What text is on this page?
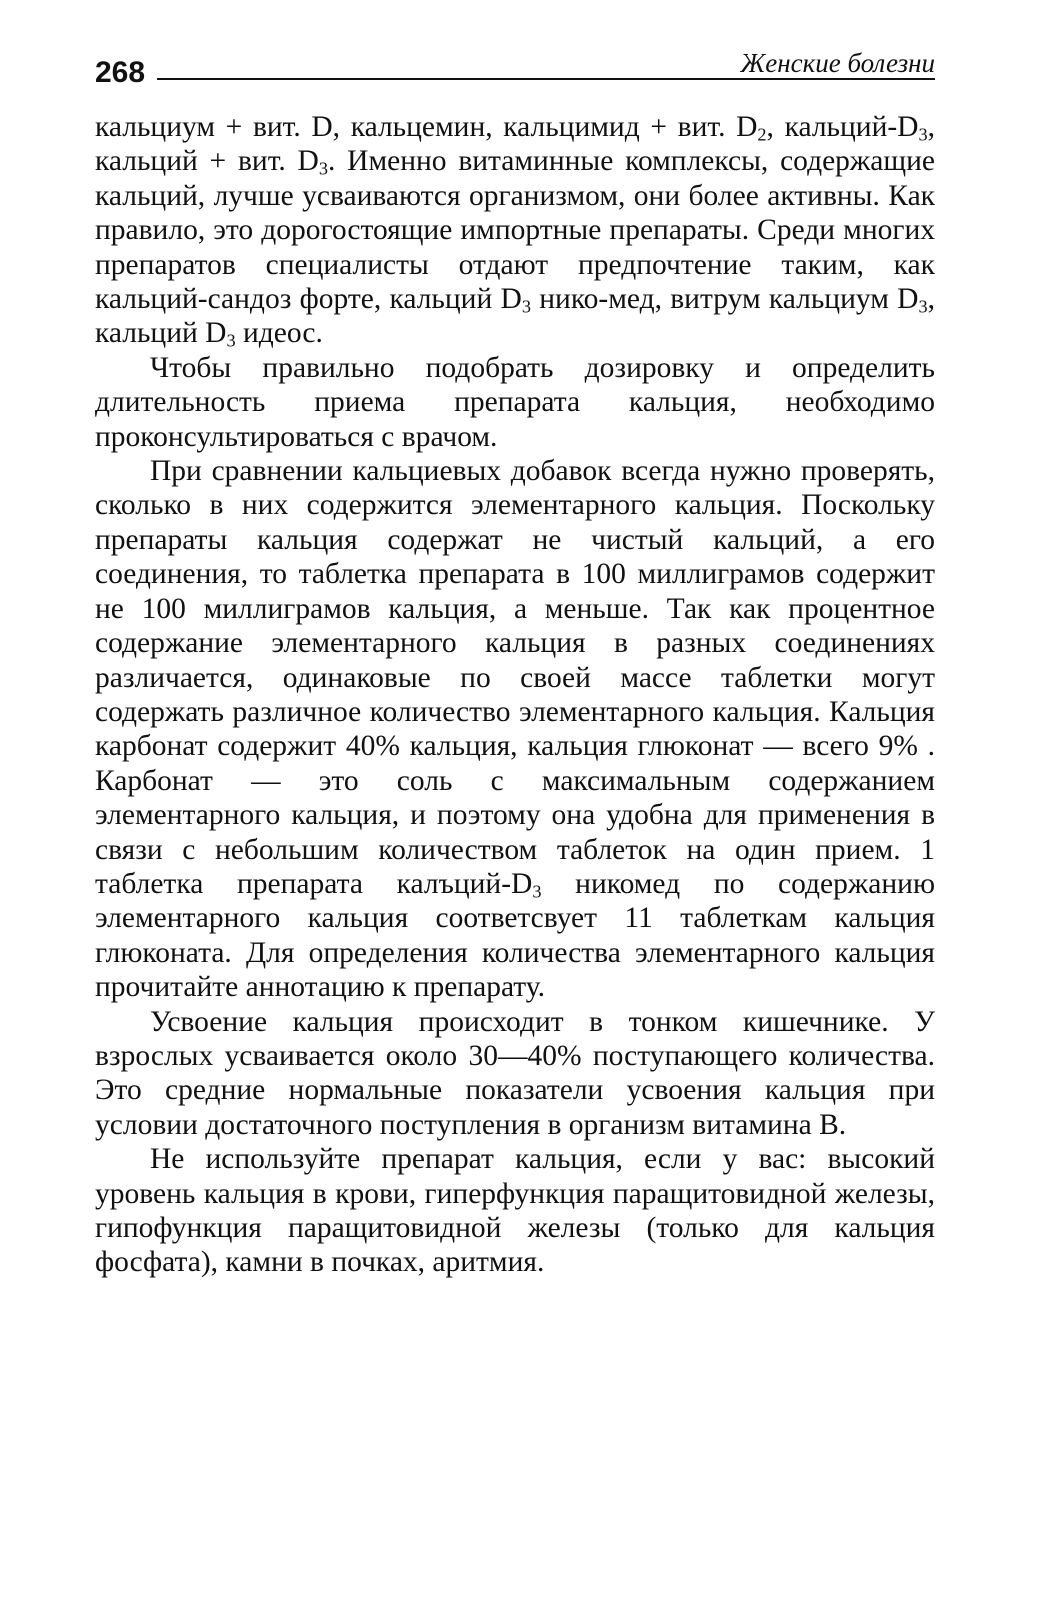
268	Женские болезни

кальциум + вит. D, кальцемин, кальцимид + вит. $D_2$, кальций-$D_3$, кальций + вит. $D_3$. Именно витаминные комплексы, содержащие кальций, лучше усваиваются организмом, они более активны. Как правило, это дорогостоящие импортные препараты. Среди многих препаратов специалисты отдают предпочтение таким, как кальций-сандоз форте, кальций $D_3$ нико-мед, витрум кальциум $D_3$, кальций $D_3$ идеос.

Чтобы правильно подобрать дозировку и определить длительность приема препарата кальция, необходимо проконсультироваться с врачом.

При сравнении кальциевых добавок всегда нужно проверять, сколько в них содержится элементарного кальция. Поскольку препараты кальция содержат не чистый кальций, а его соединения, то таблетка препарата в 100 миллиграмов содержит не 100 миллиграмов кальция, а меньше. Так как процентное содержание элементарного кальция в разных соединениях различается, одинаковые по своей массе таблетки могут содержать различное количество элементарного кальция. Кальция карбонат содержит 40% кальция, кальция глюконат — всего 9% . Карбонат — это соль с максимальным содержанием элементарного кальция, и поэтому она удобна для применения в связи с небольшим количеством таблеток на один прием. 1 таблетка препарата калъций-$D_3$ никомед по содержанию элементарного кальция соответсвует 11 таблеткам кальция глюконата. Для определения количества элементарного кальция прочитайте аннотацию к препарату.

Усвоение кальция происходит в тонком кишечнике. У взрослых усваивается около 30—40% поступающего количества. Это средние нормальные показатели усвоения кальция при условии достаточного поступления в организм витамина B.

Не используйте препарат кальция, если у вас: высокий уровень кальция в крови, гиперфункция паращитовидной железы, гипофункция паращитовидной железы (только для кальция фосфата), камни в почках, аритмия.
